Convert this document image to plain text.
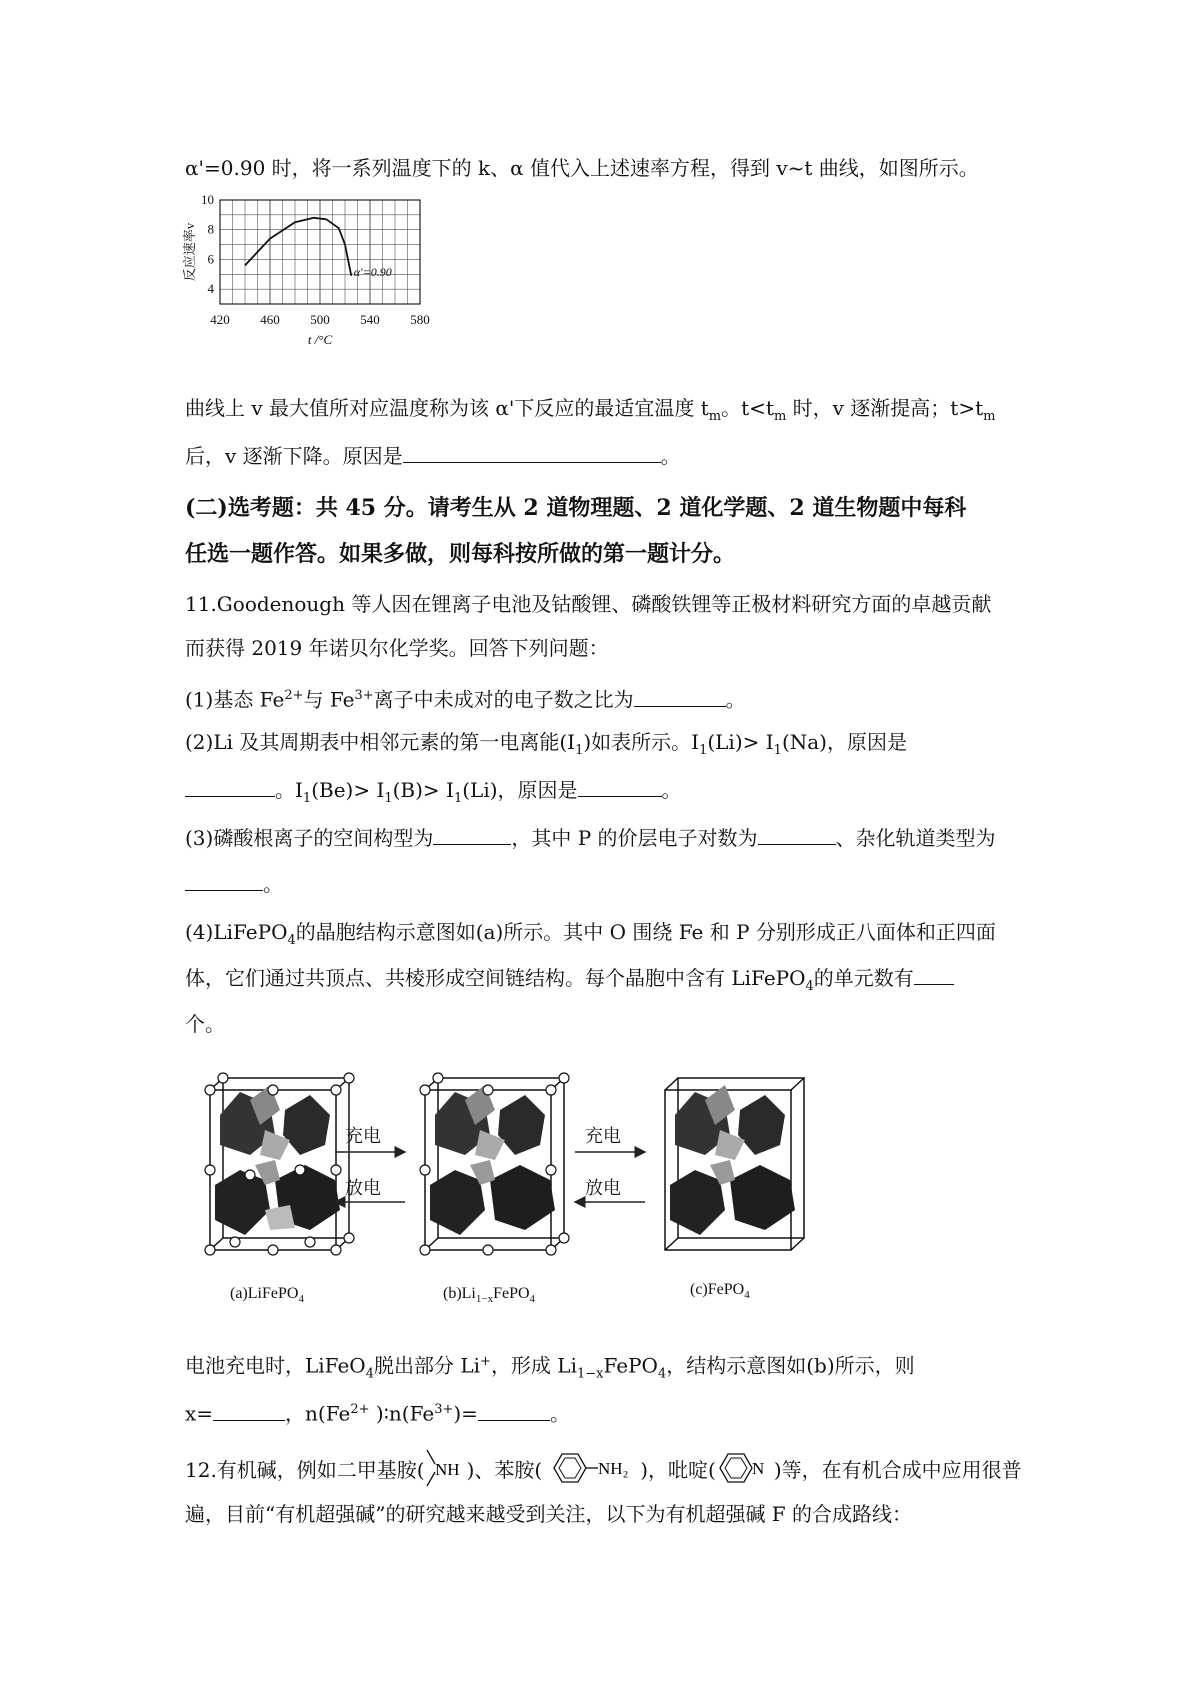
α'=0.90 时，将一系列温度下的 k、α 值代入上述速率方程，得到 v~t 曲线，如图所示。
420 460 500 540 580
4
6
8
10
t /°C
反应速率v	α'=0.90
曲线上 v 最大值所对应温度称为该 α'下反应的最适宜温度 $t_m$。$t<t_m$ 时，v 逐渐提高；$t>t_m$
后，v 逐渐下降。原因是	。
(二)选考题：共 45 分。请考生从 2 道物理题、2 道化学题、2 道生物题中每科
任选一题作答。如果多做，则每科按所做的第一题计分。
11.Goodenough 等人因在锂离子电池及钴酸锂、磷酸铁锂等正极材料研究方面的卓越贡献
而获得 2019 年诺贝尔化学奖。回答下列问题：
(1)基态 $Fe^{2+}$与 $Fe^{3+}$离子中未成对的电子数之比为	。
(2)Li 及其周期表中相邻元素的第一电离能$(I_1)$如表所示。$I_1(Li)> I_1(Na)$，原因是
。$I_1(Be)> I_1(B)> I_1(Li)$，原因是	。
(3)磷酸根离子的空间构型为	，其中 P 的价层电子对数为	、杂化轨道类型为
。
(4)LiFePO$_4$的晶胞结构示意图如(a)所示。其中 O 围绕 Fe 和 P 分别形成正八面体和正四面
体，它们通过共顶点、共棱形成空间链结构。每个晶胞中含有 LiFePO$_4$的单元数有
个。
充电
放电
充电
放电
(a)LiFePO$_4$	$(b)Li_{1-x}FePO_4$
(c)FePO$_4$
电池充电时，LiFeO$_4$脱出部分 Li+，形成 $Li_{1-x}FePO_4$，结构示意图如(b)所示，则
x=	，$n(Fe^{2+}$ )$∶n(Fe^{3+})=$	。
12.有机碱，例如二甲基胺( NH )、苯胺(	NH₂ )，吡啶( N )等，在有机合成中应用很普
遍，目前“有机超强碱”的研究越来越受到关注，以下为有机超强碱 F 的合成路线：
